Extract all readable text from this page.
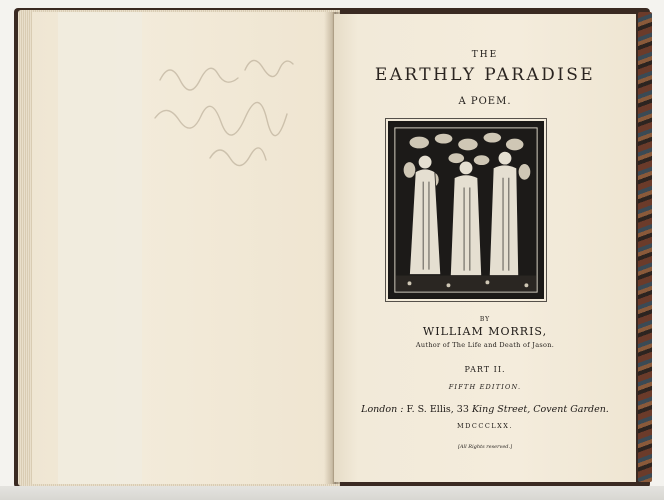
THE
EARTHLY PARADISE
A POEM.
BY
WILLIAM MORRIS,
Author of The Life and Death of Jason.
PART II.
FIFTH EDITION.
London : F. S. Ellis, 33 King Street, Covent Garden.
MDCCCLXX.
[All Rights reserved.]
